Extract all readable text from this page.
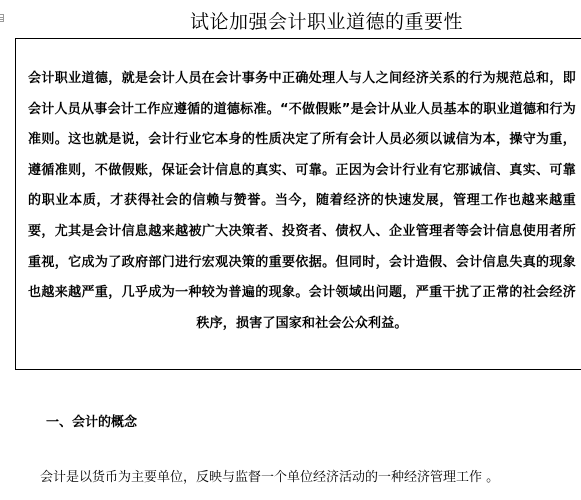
试论加强会计职业道德的重要性

会计职业道德，就是会计人员在会计事务中正确处理人与人之间经济关系的行为规范总和，即会计人员从事会计工作应遵循的道德标准。“不做假账”是会计从业人员基本的职业道德和行为准则。这也就是说，会计行业它本身的性质决定了所有会计人员必须以诚信为本，操守为重，遵循准则，不做假账，保证会计信息的真实、可靠。正因为会计行业有它那诚信、真实、可靠的职业本质，才获得社会的信赖与赞誉。当今，随着经济的快速发展，管理工作也越来越重要，尤其是会计信息越来越被广大决策者、投资者、债权人、企业管理者等会计信息使用者所重视，它成为了政府部门进行宏观决策的重要依据。但同时，会计造假、会计信息失真的现象也越来越严重，几乎成为一种较为普遍的现象。会计领域出问题，严重干扰了正常的社会经济秩序，损害了国家和社会公众利益。

一、会计的概念

会计是以货币为主要单位，反映与监督一个单位经济活动的一种经济管理工作 。
